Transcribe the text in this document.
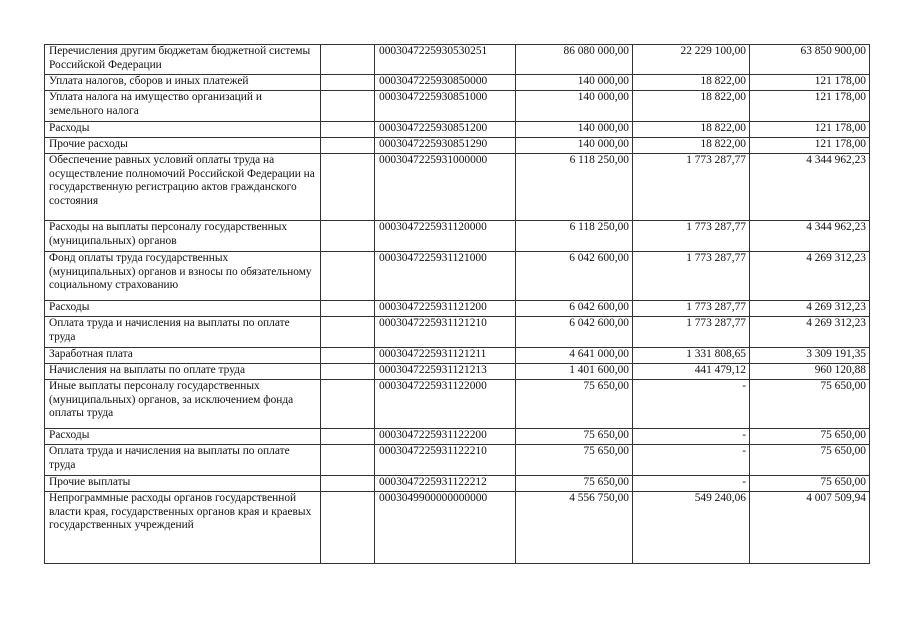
Перечисления другим бюджетам бюджетной системы Российской Федерации		0003047225930530251	86 080 000,00	22 229 100,00	63 850 900,00
Уплата налогов, сборов и иных платежей		0003047225930850000	140 000,00	18 822,00	121 178,00
Уплата налога на имущество организаций и земельного налога		0003047225930851000	140 000,00	18 822,00	121 178,00
Расходы		0003047225930851200	140 000,00	18 822,00	121 178,00
Прочие расходы		0003047225930851290	140 000,00	18 822,00	121 178,00
Обеспечение равных условий оплаты труда на осуществление полномочий Российской Федерации на государственную регистрацию актов гражданского состояния		0003047225931000000	6 118 250,00	1 773 287,77	4 344 962,23
Расходы на выплаты персоналу государственных (муниципальных) органов		0003047225931120000	6 118 250,00	1 773 287,77	4 344 962,23
Фонд оплаты труда государственных (муниципальных) органов и взносы по обязательному социальному страхованию		0003047225931121000	6 042 600,00	1 773 287,77	4 269 312,23
Расходы		0003047225931121200	6 042 600,00	1 773 287,77	4 269 312,23
Оплата труда и начисления на выплаты по оплате труда		0003047225931121210	6 042 600,00	1 773 287,77	4 269 312,23
Заработная плата		0003047225931121211	4 641 000,00	1 331 808,65	3 309 191,35
Начисления на выплаты по оплате труда		0003047225931121213	1 401 600,00	441 479,12	960 120,88
Иные выплаты персоналу государственных (муниципальных) органов, за исключением фонда оплаты труда		0003047225931122000	75 650,00	-	75 650,00
Расходы		0003047225931122200	75 650,00	-	75 650,00
Оплата труда и начисления на выплаты по оплате труда		0003047225931122210	75 650,00	-	75 650,00
Прочие выплаты		0003047225931122212	75 650,00	-	75 650,00
Непрограммные расходы органов государственной власти края, государственных органов края и краевых государственных учреждений		0003049900000000000	4 556 750,00	549 240,06	4 007 509,94
